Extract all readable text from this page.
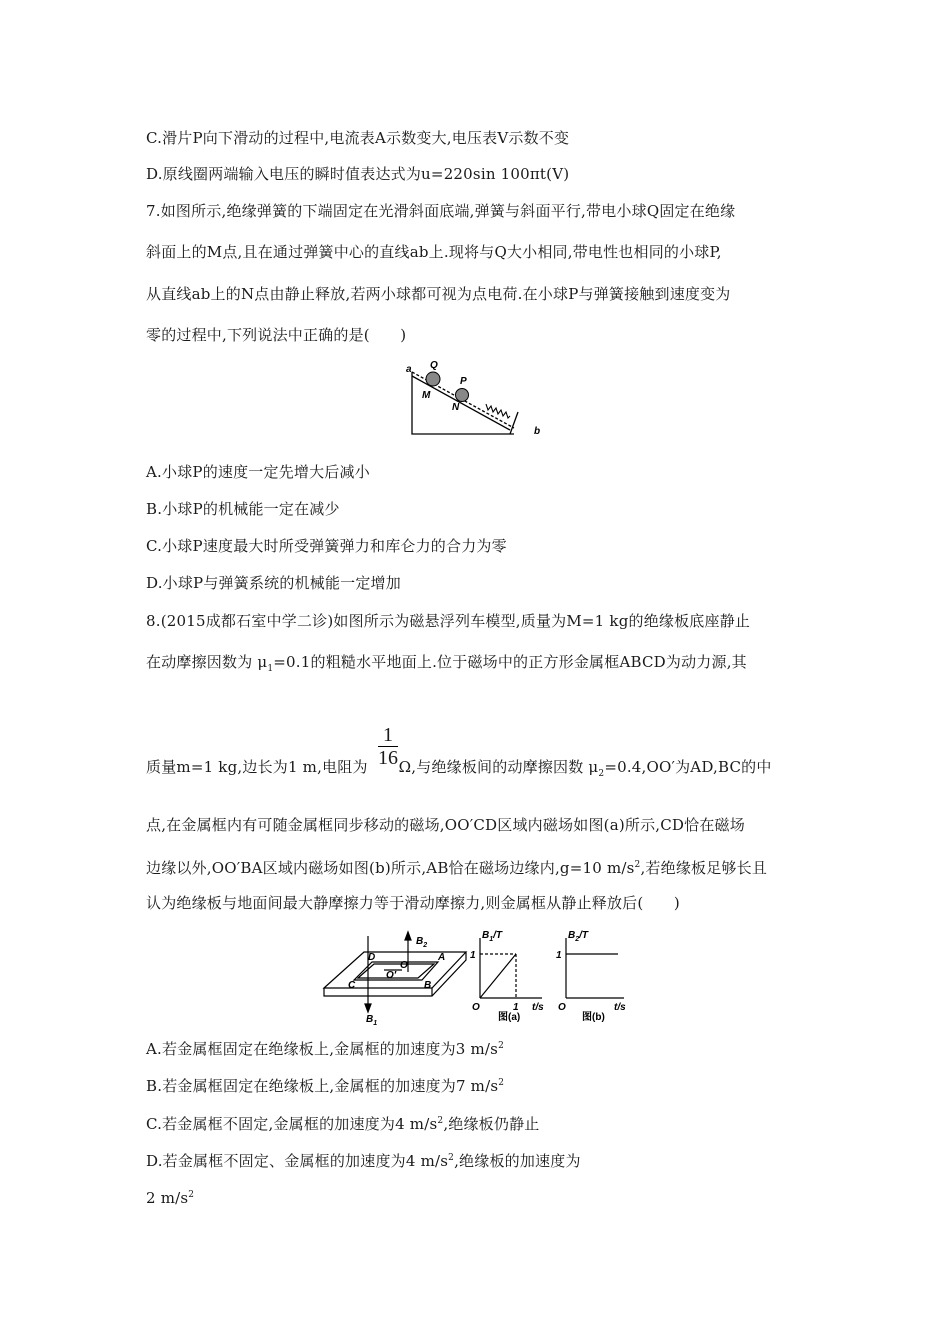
C.滑片P向下滑动的过程中,电流表A示数变大,电压表V示数不变
D.原线圈两端输入电压的瞬时值表达式为u=220sin 100πt(V)
7.如图所示,绝缘弹簧的下端固定在光滑斜面底端,弹簧与斜面平行,带电小球Q固定在绝缘
斜面上的M点,且在通过弹簧中心的直线ab上.现将与Q大小相同,带电性也相同的小球P,
从直线ab上的N点由静止释放,若两小球都可视为点电荷.在小球P与弹簧接触到速度变为
零的过程中,下列说法中正确的是(　　)
a Q
P
M
N
b
A.小球P的速度一定先增大后减小
B.小球P的机械能一定在减少
C.小球P速度最大时所受弹簧弹力和库仑力的合力为零
D.小球P与弹簧系统的机械能一定增加
8.(2015成都石室中学二诊)如图所示为磁悬浮列车模型,质量为M=1 kg的绝缘板底座静止
在动摩擦因数为 $\mu_1=0.1$的粗糙水平地面上.位于磁场中的正方形金属框ABCD为动力源,其
1
16
质量m=1 kg,边长为1 m,电阻为 Ω,与绝缘板间的动摩擦因数 $\mu_2=0.4,OO'$为AD,BC的中
点,在金属框内有可随金属框同步移动的磁场,OO′CD区域内磁场如图(a)所示,CD恰在磁场
边缘以外,OO′BA区域内磁场如图(b)所示,AB恰在磁场边缘内,g=10 $m/s^2$,若绝缘板足够长且
认为绝缘板与地面间最大静摩擦力等于滑动摩擦力,则金属框从静止释放后(　　)
$B_2$
$B_1$
D
O
O′
A
C	B
$B_1/T$
1
O	1 t/s
图(a)
$B_2/T$
1
O	t/s
图(b)
A.若金属框固定在绝缘板上,金属框的加速度为3 $m/s^2$
B.若金属框固定在绝缘板上,金属框的加速度为7 $m/s^2$
C.若金属框不固定,金属框的加速度为4 $m/s^2$,绝缘板仍静止
D.若金属框不固定、金属框的加速度为4 $m/s^2$,绝缘板的加速度为
2 $m/s^2$
